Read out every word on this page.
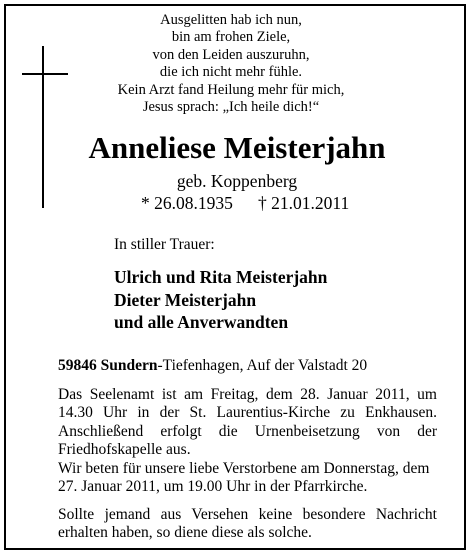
Ausgelitten hab ich nun,
bin am frohen Ziele,
von den Leiden auszuruhn,
die ich nicht mehr fühle.
Kein Arzt fand Heilung mehr für mich,
Jesus sprach: „Ich heile dich!“
Anneliese Meisterjahn
geb. Koppenberg
* 26.08.1935 † 21.01.2011
In stiller Trauer:
Ulrich und Rita Meisterjahn
Dieter Meisterjahn
und alle Anverwandten
59846 Sundern-Tiefenhagen, Auf der Valstadt 20
Das Seelenamt ist am Freitag, dem 28. Januar 2011, um 14.30 Uhr in der St. Laurentius-Kirche zu Enkhausen. Anschließend erfolgt die Urnenbeisetzung von der Friedhofskapelle aus.
Wir beten für unsere liebe Verstorbene am Donnerstag, dem 27. Januar 2011, um 19.00 Uhr in der Pfarrkirche.
Sollte jemand aus Versehen keine besondere Nachricht erhalten haben, so diene diese als solche.
